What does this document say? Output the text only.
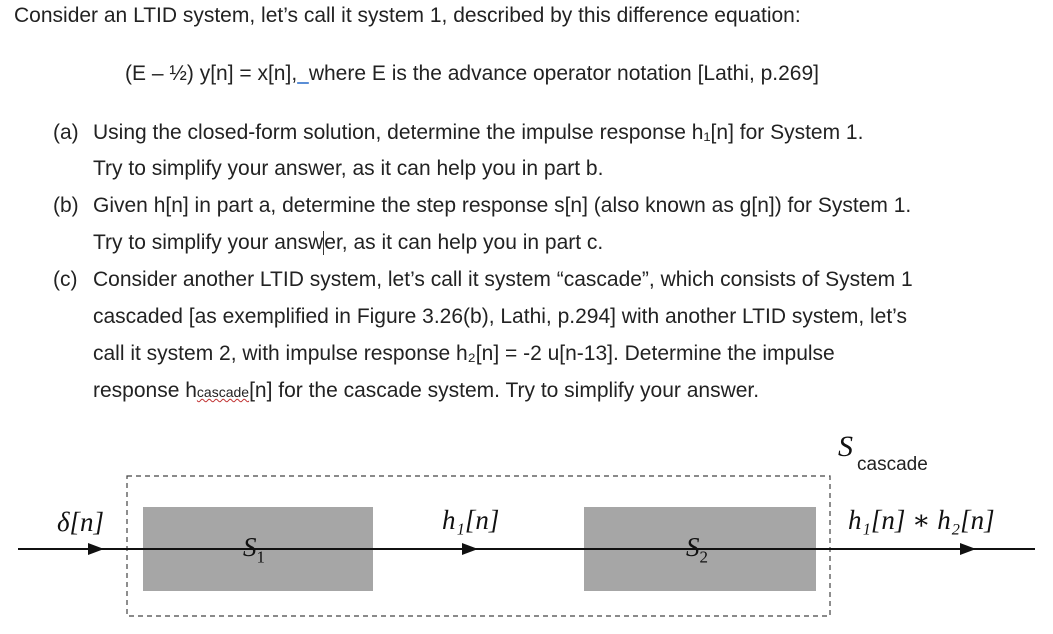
Consider an LTID system, let’s call it system 1, described by this difference equation:
(E – ½) y[n] = x[n], where E is the advance operator notation [Lathi, p.269]
(a) Using the closed-form solution, determine the impulse response h₁[n] for System 1.
Try to simplify your answer, as it can help you in part b.
(b) Given h[n] in part a, determine the step response s[n] (also known as g[n]) for System 1.
Try to simplify your answer, as it can help you in part c.
(c) Consider another LTID system, let’s call it system “cascade”, which consists of System 1
cascaded [as exemplified in Figure 3.26(b), Lathi, p.294] with another LTID system, let’s
call it system 2, with impulse response h₂[n] = -2 u[n-13]. Determine the impulse
response hcascade[n] for the cascade system. Try to simplify your answer.
δ[n]
$S_1$
h₁[n]
$S_2$
h₁[n] ∗ h₂[n]
S
cascade
